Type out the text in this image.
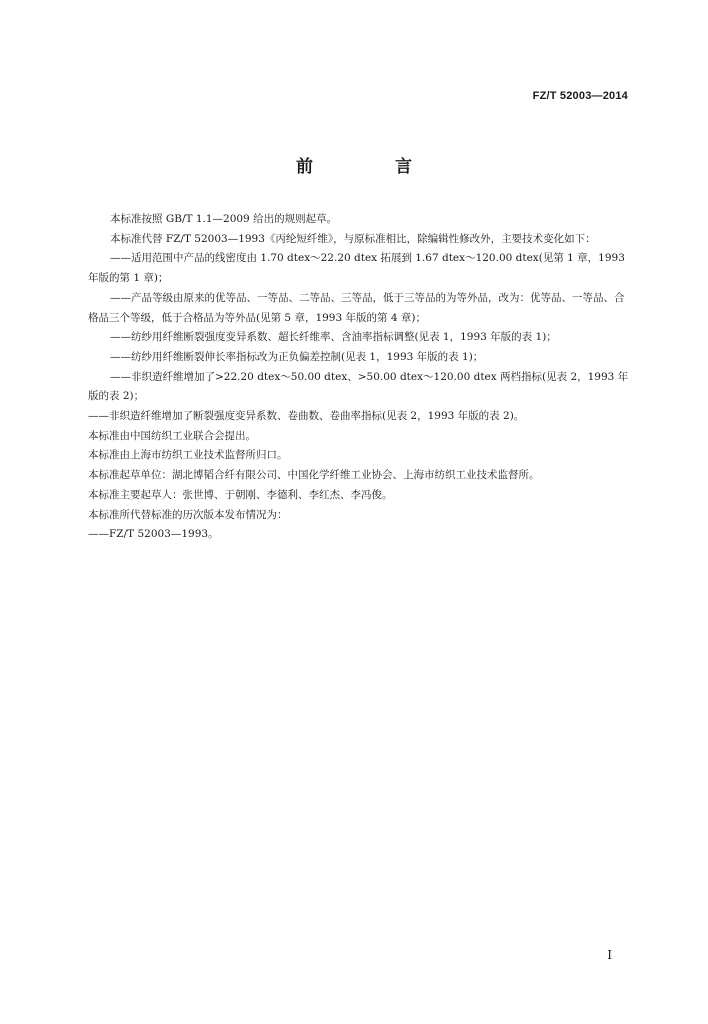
FZ/T 52003—2014
前 言

本标准按照 GB/T 1.1—2009 给出的规则起草。

本标准代替 FZ/T 52003—1993《丙纶短纤维》，与原标准相比，除编辑性修改外，主要技术变化如下：

——适用范围中产品的线密度由 1.70 dtex～22.20 dtex 拓展到 1.67 dtex～120.00 dtex(见第 1 章，1993 年版的第 1 章)；

——产品等级由原来的优等品、一等品、二等品、三等品，低于三等品的为等外品，改为：优等品、一等品、合格品三个等级，低于合格品为等外品(见第 5 章，1993 年版的第 4 章)；

——纺纱用纤维断裂强度变异系数、超长纤维率、含油率指标调整(见表 1，1993 年版的表 1)；

——纺纱用纤维断裂伸长率指标改为正负偏差控制(见表 1，1993 年版的表 1)；

——非织造纤维增加了>22.20 dtex～50.00 dtex、>50.00 dtex～120.00 dtex 两档指标(见表 2，1993 年版的表 2)；

——非织造纤维增加了断裂强度变异系数、卷曲数、卷曲率指标(见表 2，1993 年版的表 2)。

本标准由中国纺织工业联合会提出。

本标准由上海市纺织工业技术监督所归口。

本标准起草单位：湖北博韬合纤有限公司、中国化学纤维工业协会、上海市纺织工业技术监督所。

本标准主要起草人：张世博、于朝刚、李德利、李红杰、李冯俊。

本标准所代替标准的历次版本发布情况为：

——FZ/T 52003—1993。

I
